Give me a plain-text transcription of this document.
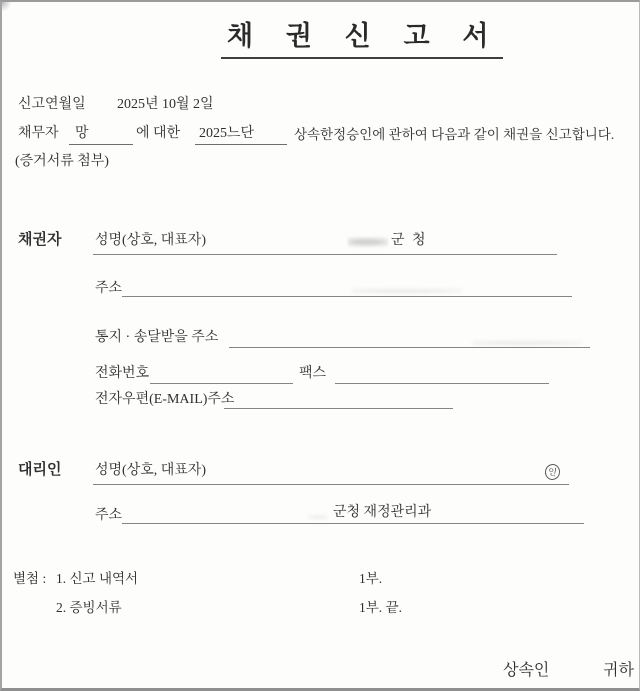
채 권 신 고 서
신고연월일 2025년 10월 2일
채무자 망	에 대한 2025느단	상속한정승인에 관하여 다음과 같이 채권을 신고합니다.
(증거서류 첨부)
채권자 성명(상호, 대표자)	군 청
주소
통지 · 송달받을 주소
전화번호	팩스
전자우편(E-MAIL)주소
대리인 성명(상호, 대표자)	인
주소	군청 재정관리과
별첨 : 1. 신고 내역서	1부.
2. 증빙서류	1부. 끝.
상속인	귀하
